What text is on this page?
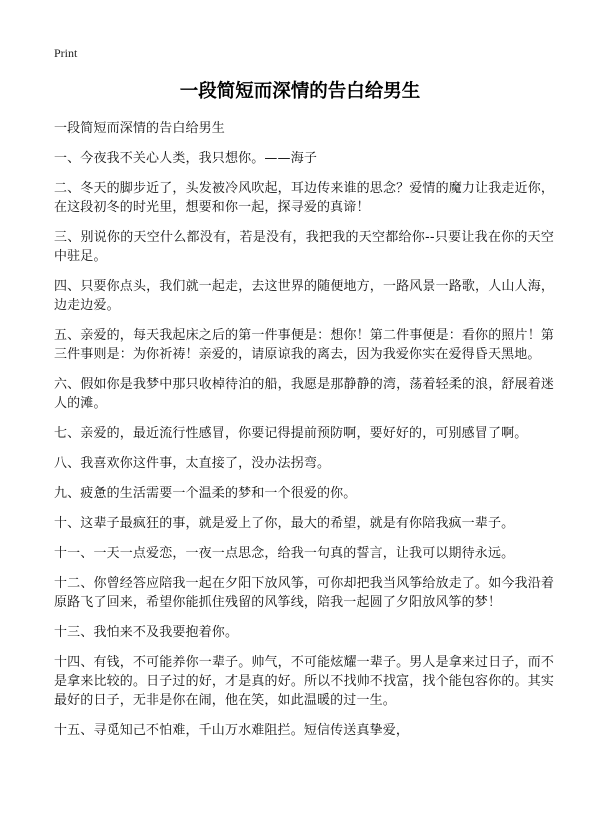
Print
一段简短而深情的告白给男生

一段简短而深情的告白给男生

一、今夜我不关心人类，我只想你。——海子

二、冬天的脚步近了，头发被冷风吹起，耳边传来谁的思念？爱情的魔力让我走近你，在这段初冬的时光里，想要和你一起，探寻爱的真谛！

三、别说你的天空什么都没有，若是没有，我把我的天空都给你--只要让我在你的天空中驻足。

四、只要你点头，我们就一起走，去这世界的随便地方，一路风景一路歌，人山人海，边走边爱。

五、亲爱的，每天我起床之后的第一件事便是：想你！第二件事便是：看你的照片！第三件事则是：为你祈祷！亲爱的，请原谅我的离去，因为我爱你实在爱得昏天黑地。

六、假如你是我梦中那只收棹待泊的船，我愿是那静静的湾，荡着轻柔的浪，舒展着迷人的滩。

七、亲爱的，最近流行性感冒，你要记得提前预防啊，要好好的，可别感冒了啊。

八、我喜欢你这件事，太直接了，没办法拐弯。

九、疲惫的生活需要一个温柔的梦和一个很爱的你。

十、这辈子最疯狂的事，就是爱上了你，最大的希望，就是有你陪我疯一辈子。

十一、一天一点爱恋，一夜一点思念，给我一句真的誓言，让我可以期待永远。

十二、你曾经答应陪我一起在夕阳下放风筝，可你却把我当风筝给放走了。如今我沿着原路飞了回来，希望你能抓住残留的风筝线，陪我一起圆了夕阳放风筝的梦！

十三、我怕来不及我要抱着你。

十四、有钱，不可能养你一辈子。帅气，不可能炫耀一辈子。男人是拿来过日子，而不是拿来比较的。日子过的好，才是真的好。所以不找帅不找富，找个能包容你的。其实最好的日子，无非是你在闹，他在笑，如此温暖的过一生。

十五、寻觅知己不怕难，千山万水难阻拦。短信传送真挚爱，
